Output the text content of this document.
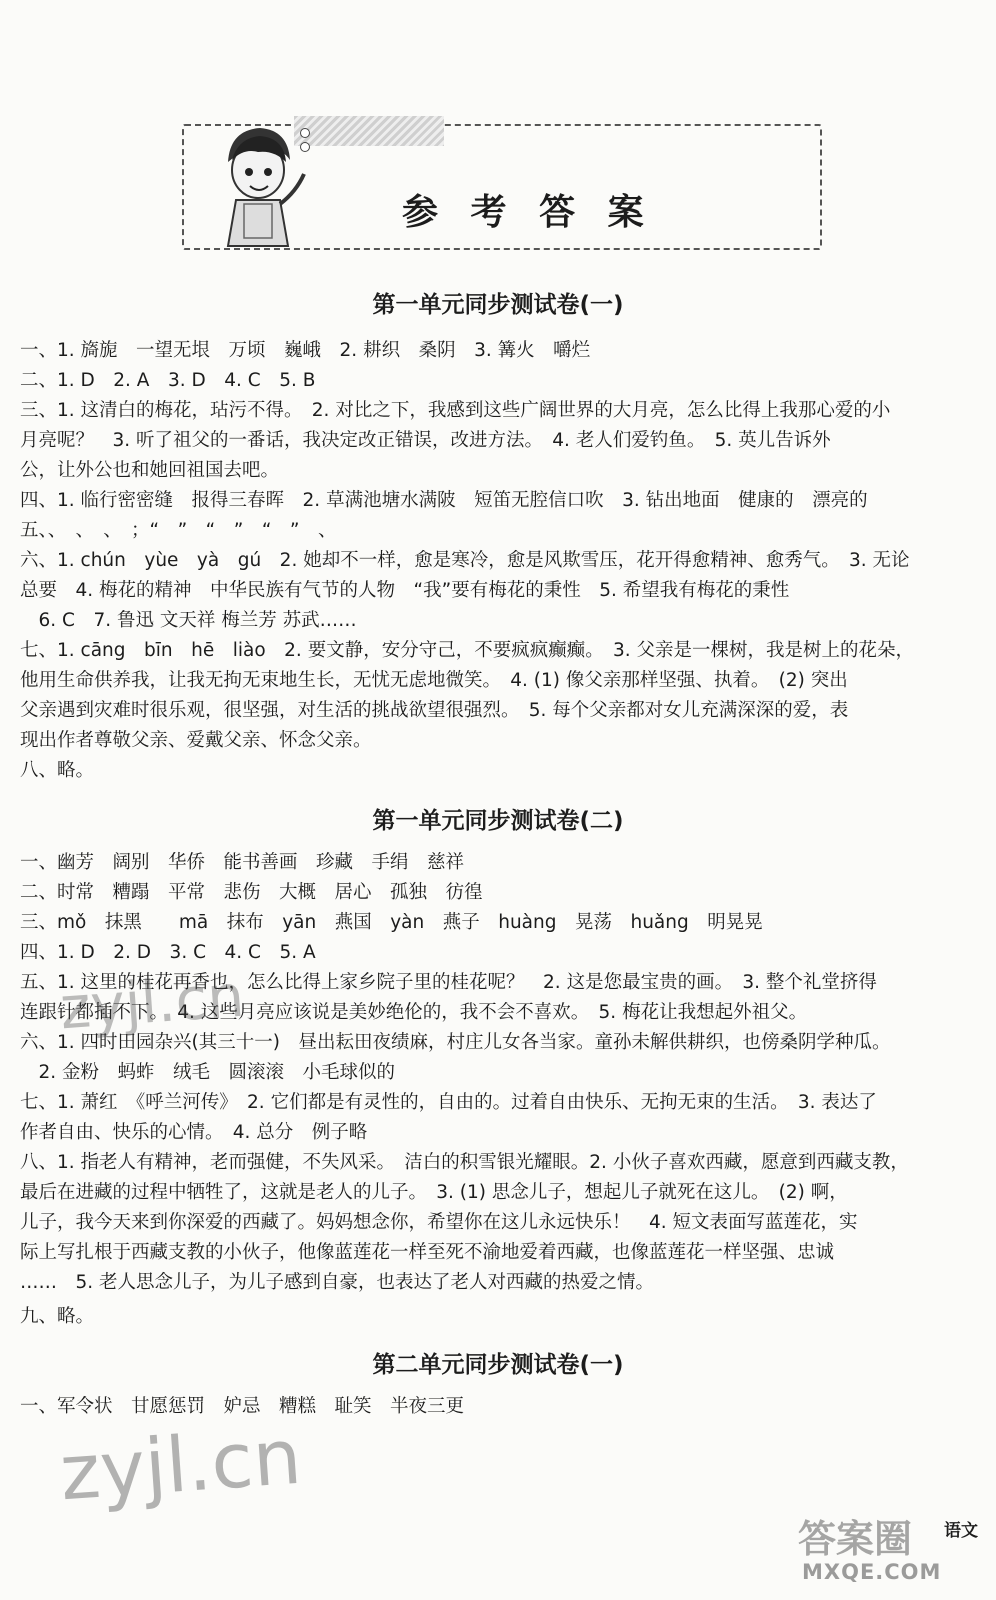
参 考 答 案
第一单元同步测试卷(一)
一、1. 旖旎　一望无垠　万顷　巍峨　2. 耕织　桑阴　3. 篝火　嚼烂
二、1. D　2. A　3. D　4. C　5. B
三、1. 这清白的梅花，玷污不得。　2. 对比之下，我感到这些广阔世界的大月亮，怎么比得上我那心爱的小
月亮呢？　3. 听了祖父的一番话，我决定改正错误，改进方法。　4. 老人们爱钓鱼。　5. 英儿告诉外
公，让外公也和她回祖国去吧。
四、1. 临行密密缝　报得三春晖　2. 草满池塘水满陂　短笛无腔信口吹　3. 钻出地面　健康的　漂亮的
五、、　、　、　；“　”　“　”　“　”　、
六、1. chún　yùe　yà　gú　2. 她却不一样，愈是寒冷，愈是风欺雪压，花开得愈精神、愈秀气。　3. 无论
总要　4. 梅花的精神　中华民族有气节的人物　“我”要有梅花的秉性　5. 希望我有梅花的秉性
　6. C　7. 鲁迅 文天祥 梅兰芳 苏武……
七、1. cāng　bīn　hē　liào　2. 要文静，安分守己，不要疯疯癫癫。　3. 父亲是一棵树，我是树上的花朵，
他用生命供养我，让我无拘无束地生长，无忧无虑地微笑。　4. (1) 像父亲那样坚强、执着。　(2) 突出
父亲遇到灾难时很乐观，很坚强，对生活的挑战欲望很强烈。　5. 每个父亲都对女儿充满深深的爱，表
现出作者尊敬父亲、爱戴父亲、怀念父亲。
八、略。
第一单元同步测试卷(二)
一、幽芳　阔别　华侨　能书善画　珍藏　手绢　慈祥
二、时常　糟蹋　平常　悲伤　大概　居心　孤独　彷徨
三、mǒ　抹黑　　mā　抹布　yān　燕国　yàn　燕子　huàng　晃荡　huǎng　明晃晃
四、1. D　2. D　3. C　4. C　5. A
五、1. 这里的桂花再香也，怎么比得上家乡院子里的桂花呢？　2. 这是您最宝贵的画。　3. 整个礼堂挤得
连跟针都插不下。　4. 这些月亮应该说是美妙绝伦的，我不会不喜欢。　5. 梅花让我想起外祖父。
六、1. 四时田园杂兴(其三十一)　昼出耘田夜绩麻，村庄儿女各当家。童孙未解供耕织，也傍桑阴学种瓜。
　2. 金粉　蚂蚱　绒毛　圆滚滚　小毛球似的
七、1. 萧红　《呼兰河传》　2. 它们都是有灵性的，自由的。过着自由快乐、无拘无束的生活。　3. 表达了
作者自由、快乐的心情。　4. 总分　例子略
八、1. 指老人有精神，老而强健，不失风采。　洁白的积雪银光耀眼。2. 小伙子喜欢西藏，愿意到西藏支教，
最后在进藏的过程中牺牲了，这就是老人的儿子。　3. (1) 思念儿子，想起儿子就死在这儿。　(2) 啊，
儿子，我今天来到你深爱的西藏了。妈妈想念你，希望你在这儿永远快乐！　4. 短文表面写蓝莲花，实
际上写扎根于西藏支教的小伙子，他像蓝莲花一样至死不渝地爱着西藏，也像蓝莲花一样坚强、忠诚
……　5. 老人思念儿子，为儿子感到自豪，也表达了老人对西藏的热爱之情。
九、略。
第二单元同步测试卷(一)
一、军令状　甘愿惩罚　妒忌　糟糕　耻笑　半夜三更
zyjl.cn
zyjl.cn
语文
答案圈
MXQE.COM
